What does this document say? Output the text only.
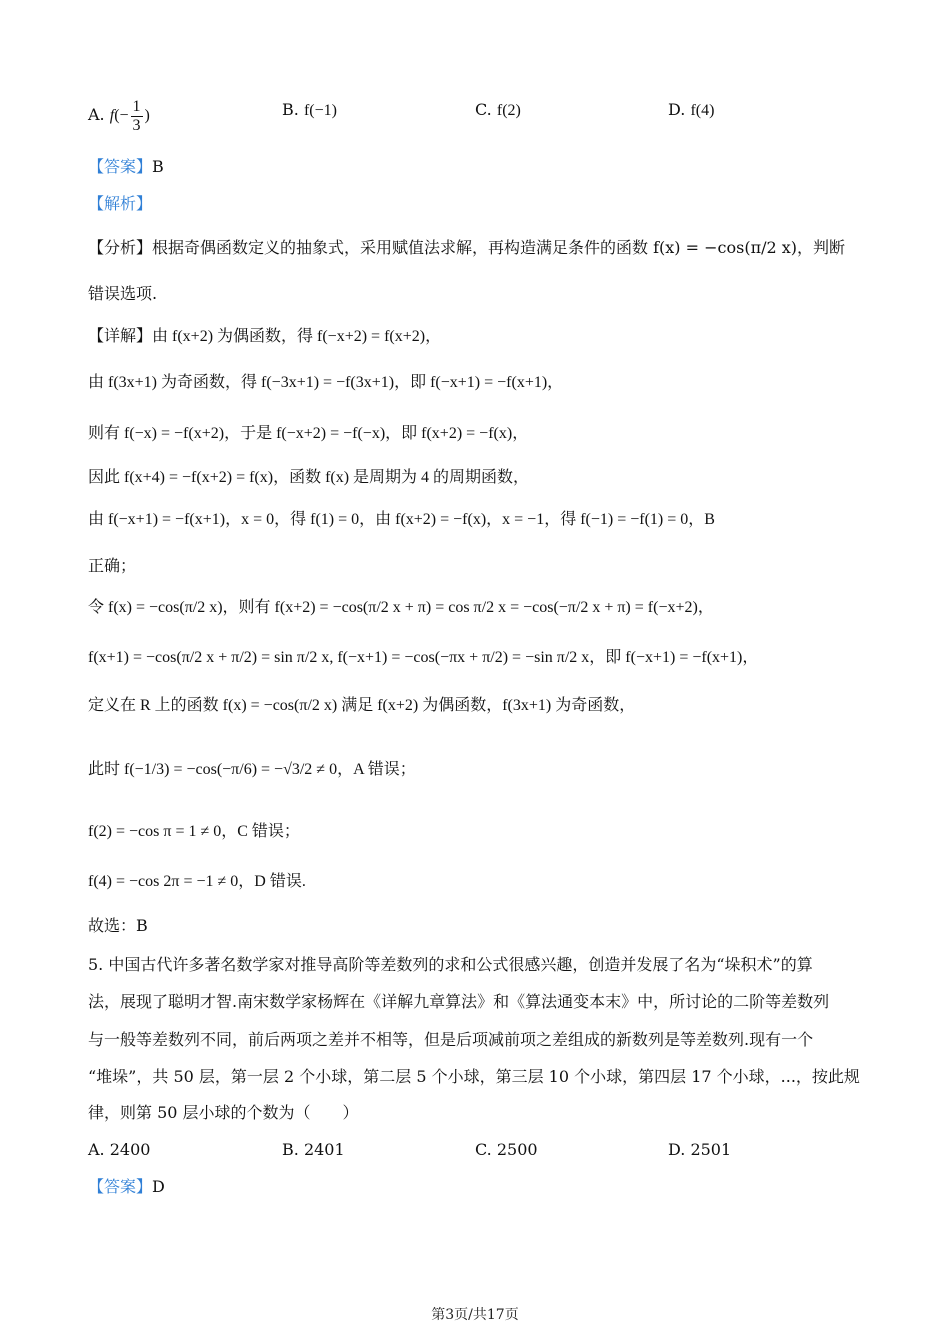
A. $f(- \frac{1}{3}$ )	B. f(−1)	C. f(2)	D. f(4)
【答案】B
【解析】
【分析】根据奇偶函数定义的抽象式，采用赋值法求解，再构造满足条件的函数 f(x) = −cos(π/2 x)，判断
错误选项.
【详解】由 f(x+2) 为偶函数，得 f(−x+2) = f(x+2)，
由 f(3x+1) 为奇函数，得 f(−3x+1) = −f(3x+1)，即 f(−x+1) = −f(x+1)，
则有 f(−x) = −f(x+2)，于是 f(−x+2) = −f(−x)，即 f(x+2) = −f(x)，
因此 f(x+4) = −f(x+2) = f(x)，函数 f(x) 是周期为 4 的周期函数，
由 f(−x+1) = −f(x+1)，x = 0，得 f(1) = 0，由 f(x+2) = −f(x)，x = −1，得 f(−1) = −f(1) = 0，B
正确；
令 f(x) = −cos(π/2 x)，则有 f(x+2) = −cos(π/2 x + π) = cos π/2 x = −cos(−π/2 x + π) = f(−x+2)，
f(x+1) = −cos(π/2 x + π/2) = sin π/2 x, f(−x+1) = −cos(−πx + π/2) = −sin π/2 x，即 f(−x+1) = −f(x+1)，
定义在 R 上的函数 f(x) = −cos(π/2 x) 满足 f(x+2) 为偶函数，f(3x+1) 为奇函数，
此时 f(−1/3) = −cos(−π/6) = −√3/2 ≠ 0，A 错误；
f(2) = −cos π = 1 ≠ 0，C 错误；
f(4) = −cos 2π = −1 ≠ 0，D 错误.
故选：B
5. 中国古代许多著名数学家对推导高阶等差数列的求和公式很感兴趣，创造并发展了名为“垛积术”的算
法，展现了聪明才智.南宋数学家杨辉在《详解九章算法》和《算法通变本末》中，所讨论的二阶等差数列
与一般等差数列不同，前后两项之差并不相等，但是后项减前项之差组成的新数列是等差数列.现有一个
“堆垛”，共 50 层，第一层 2 个小球，第二层 5 个小球，第三层 10 个小球，第四层 17 个小球，...，按此规
律，则第 50 层小球的个数为（　　）
A. 2400	B. 2401	C. 2500	D. 2501
【答案】D
第3页/共17页
